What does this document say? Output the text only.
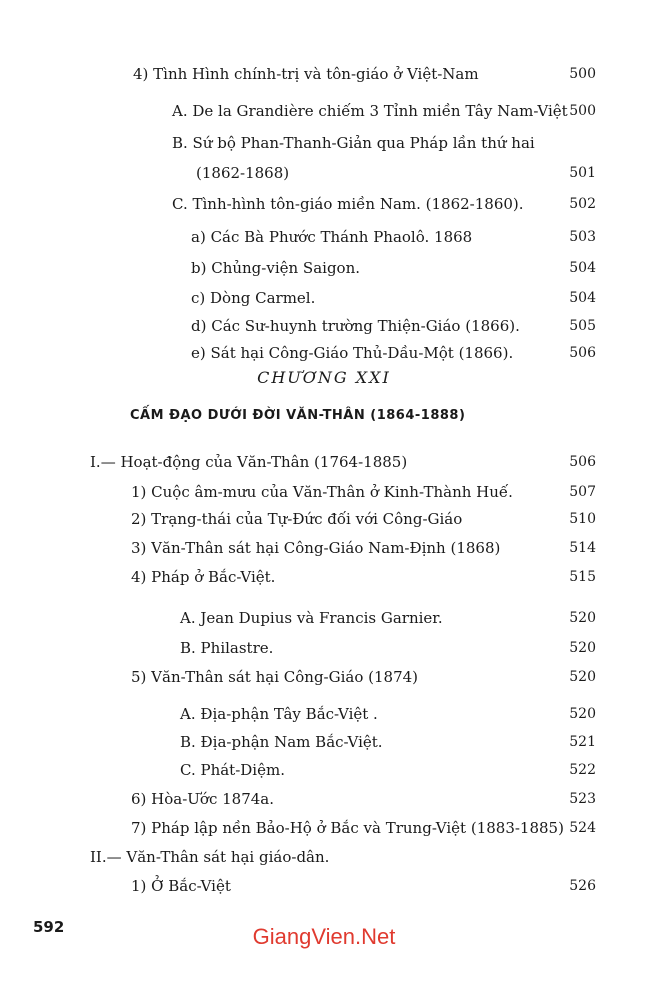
4) Tình Hình chính-trị và tôn-giáo ở Việt-Nam	500
A. De la Grandière chiếm 3 Tỉnh miền Tây Nam-Việt 500
B. Sứ bộ Phan-Thanh-Giản qua Pháp lần thứ hai
(1862-1868)	501
C. Tình-hình tôn-giáo miền Nam. (1862-1860).	502
a) Các Bà Phước Thánh Phaolô. 1868	503
b) Chủng-viện Saigon.	504
c) Dòng Carmel.	504
d) Các Sư-huynh trường Thiện-Giáo (1866).	505
e) Sát hại Công-Giáo Thủ-Dầu-Một (1866).	506
CHƯƠNG XXI
CẤM ĐẠO DƯỚI ĐỜI VĂN-THÂN (1864-1888)
I.— Hoạt-động của Văn-Thân (1764-1885)	506
1) Cuộc âm-mưu của Văn-Thân ở Kinh-Thành Huế.	507
2) Trạng-thái của Tự-Đức đối với Công-Giáo	510
3) Văn-Thân sát hại Công-Giáo Nam-Định (1868)	514
4) Pháp ở Bắc-Việt.	515
A. Jean Dupius và Francis Garnier.	520
B. Philastre.	520
5) Văn-Thân sát hại Công-Giáo (1874)	520
A. Địa-phận Tây Bắc-Việt .	520
B. Địa-phận Nam Bắc-Việt.	521
C. Phát-Diệm.	522
6) Hòa-Ước 1874a.	523
7) Pháp lập nền Bảo-Hộ ở Bắc và Trung-Việt (1883-1885) 524
II.— Văn-Thân sát hại giáo-dân.
1) Ở Bắc-Việt	526
592	GiangVien.Net
